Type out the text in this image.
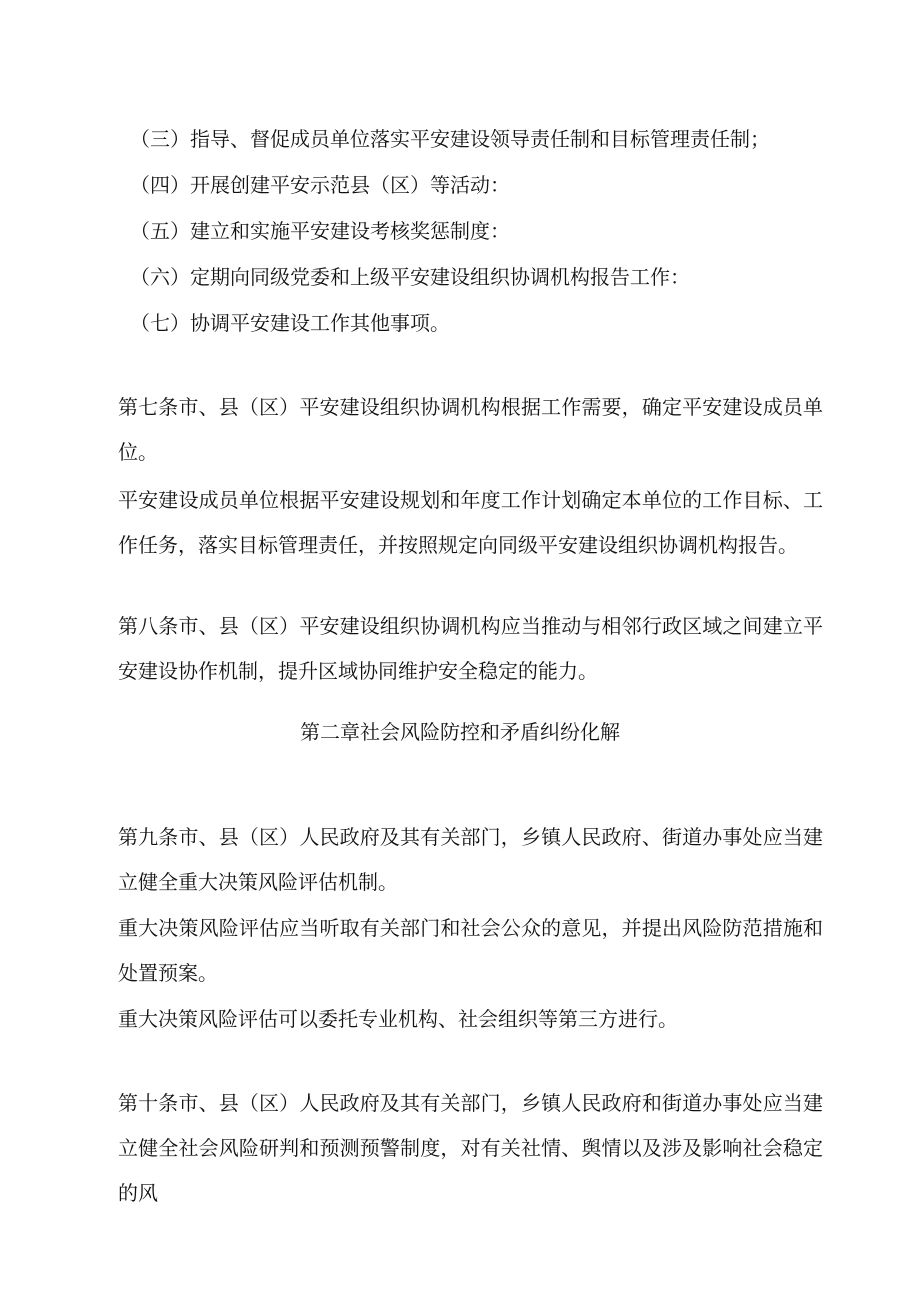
（三）指导、督促成员单位落实平安建设领导责任制和目标管理责任制；

（四）开展创建平安示范县（区）等活动：

（五）建立和实施平安建设考核奖惩制度：

（六）定期向同级党委和上级平安建设组织协调机构报告工作：

（七）协调平安建设工作其他事项。

第七条市、县（区）平安建设组织协调机构根据工作需要，确定平安建设成员单位。

平安建设成员单位根据平安建设规划和年度工作计划确定本单位的工作目标、工作任务，落实目标管理责任，并按照规定向同级平安建设组织协调机构报告。

第八条市、县（区）平安建设组织协调机构应当推动与相邻行政区域之间建立平安建设协作机制，提升区域协同维护安全稳定的能力。

第二章社会风险防控和矛盾纠纷化解

第九条市、县（区）人民政府及其有关部门，乡镇人民政府、街道办事处应当建立健全重大决策风险评估机制。

重大决策风险评估应当听取有关部门和社会公众的意见，并提出风险防范措施和处置预案。

重大决策风险评估可以委托专业机构、社会组织等第三方进行。

第十条市、县（区）人民政府及其有关部门，乡镇人民政府和街道办事处应当建立健全社会风险研判和预测预警制度，对有关社情、舆情以及涉及影响社会稳定的风
